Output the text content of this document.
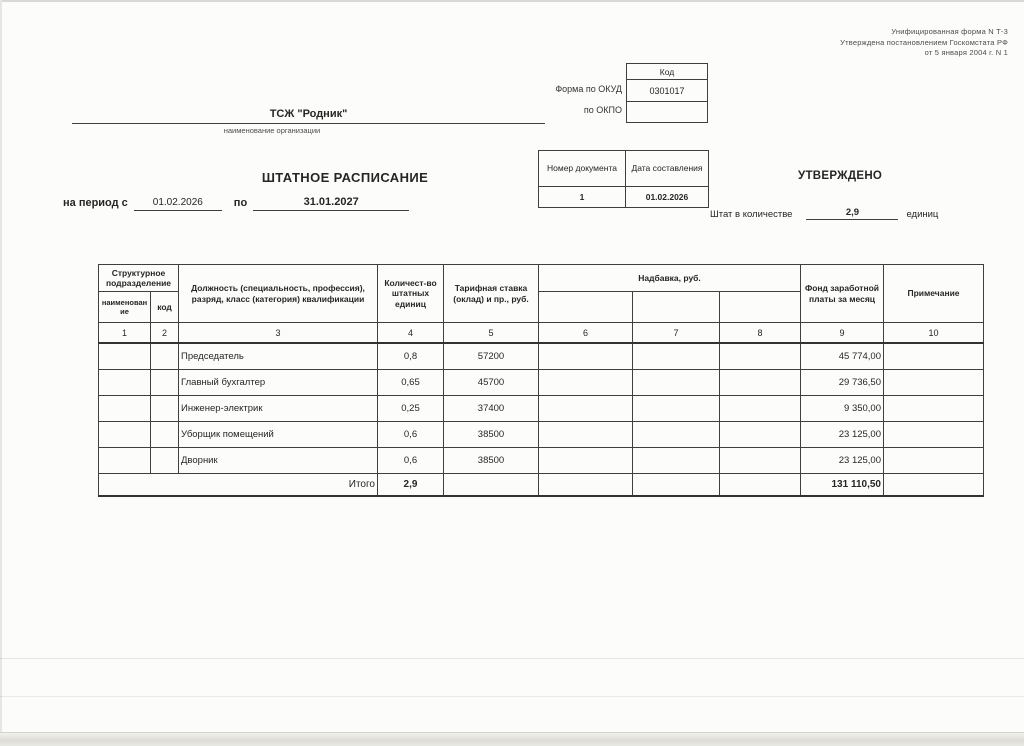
Унифицированная форма N Т-3
Утверждена постановлением Госкомстата РФ
от 5 января 2004 г. N 1
Форма по ОКУД
по ОКПО
Код
0301017

ТСЖ "Родник"
наименование организации
ШТАТНОЕ РАСПИСАНИЕ
на период с	01.02.2026	по	31.01.2027
Номер документа	Дата составления
1	01.02.2026
УТВЕРЖДЕНО
Штат в количестве	2,9	единиц
Структурное подразделение		Должность (специальность, профессия), разряд, класс (категория) квалификации	Количест-во штатных единиц	Тарифная ставка (оклад) и пр., руб.	Надбавка, руб.			Фонд заработной платы за месяц	Примечание
наименование	код								
1	2	3	4	5	6	7	8	9	10
		Председатель	0,8	57200				45 774,00	
		Главный бухгалтер	0,65	45700				29 736,50	
		Инженер-электрик	0,25	37400				9 350,00	
		Уборщик помещений	0,6	38500				23 125,00	
		Дворник	0,6	38500				23 125,00	
Итого			2,9					131 110,50	
